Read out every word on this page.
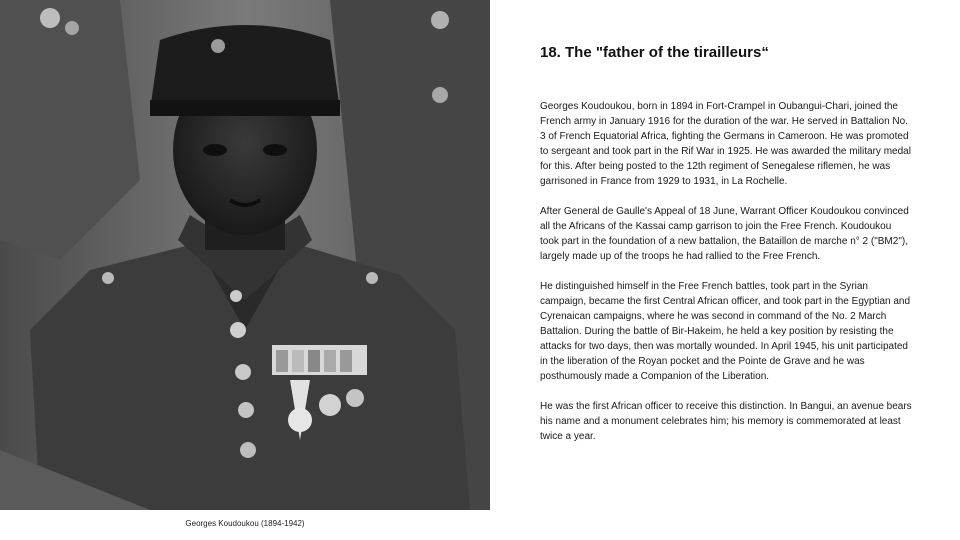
Georges Koudoukou (1894-1942)
18. The "father of the tirailleurs“

Georges Koudoukou, born in 1894 in Fort-Crampel in Oubangui-Chari, joined the French army in January 1916 for the duration of the war. He served in Battalion No. 3 of French Equatorial Africa, fighting the Germans in Cameroon. He was promoted to sergeant and took part in the Rif War in 1925. He was awarded the military medal for this. After being posted to the 12th regiment of Senegalese riflemen, he was garrisoned in France from 1929 to 1931, in La Rochelle.

After General de Gaulle's Appeal of 18 June, Warrant Officer Koudoukou convinced all the Africans of the Kassai camp garrison to join the Free French. Koudoukou took part in the foundation of a new battalion, the Bataillon de marche n° 2 ("BM2"), largely made up of the troops he had rallied to the Free French.

He distinguished himself in the Free French battles, took part in the Syrian campaign, became the first Central African officer, and took part in the Egyptian and Cyrenaican campaigns, where he was second in command of the No. 2 March Battalion. During the battle of Bir-Hakeim, he held a key position by resisting the attacks for two days, then was mortally wounded. In April 1945, his unit participated in the liberation of the Royan pocket and the Pointe de Grave and he was posthumously made a Companion of the Liberation.

He was the first African officer to receive this distinction. In Bangui, an avenue bears his name and a monument celebrates him; his memory is commemorated at least twice a year.
